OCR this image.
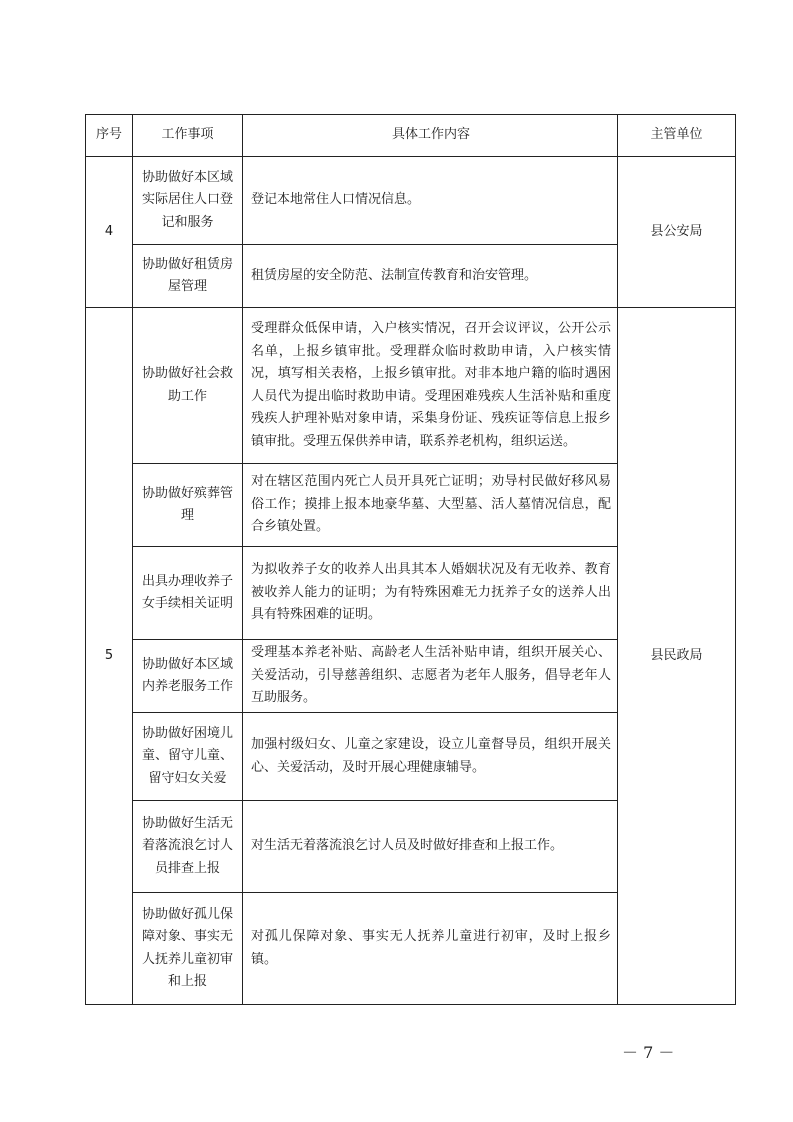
序号	工作事项	具体工作内容	主管单位
4	协助做好本区域实际居住人口登记和服务	登记本地常住人口情况信息。	县公安局
	协助做好租赁房屋管理	租赁房屋的安全防范、法制宣传教育和治安管理。	
5	协助做好社会救助工作	受理群众低保申请，入户核实情况，召开会议评议，公开公示名单，上报乡镇审批。受理群众临时救助申请，入户核实情况，填写相关表格，上报乡镇审批。对非本地户籍的临时遇困人员代为提出临时救助申请。受理困难残疾人生活补贴和重度残疾人护理补贴对象申请，采集身份证、残疾证等信息上报乡镇审批。受理五保供养申请，联系养老机构，组织运送。	县民政局
	协助做好殡葬管理	对在辖区范围内死亡人员开具死亡证明；劝导村民做好移风易俗工作；摸排上报本地豪华墓、大型墓、活人墓情况信息，配合乡镇处置。	
	出具办理收养子女手续相关证明	为拟收养子女的收养人出具其本人婚姻状况及有无收养、教育被收养人能力的证明；为有特殊困难无力抚养子女的送养人出具有特殊困难的证明。	
	协助做好本区域内养老服务工作	受理基本养老补贴、高龄老人生活补贴申请，组织开展关心、关爱活动，引导慈善组织、志愿者为老年人服务，倡导老年人互助服务。	
	协助做好困境儿童、留守儿童、留守妇女关爱	加强村级妇女、儿童之家建设，设立儿童督导员，组织开展关心、关爱活动，及时开展心理健康辅导。	
	协助做好生活无着落流浪乞讨人员排查上报	对生活无着落流浪乞讨人员及时做好排查和上报工作。	
	协助做好孤儿保障对象、事实无人抚养儿童初审和上报	对孤儿保障对象、事实无人抚养儿童进行初审，及时上报乡镇。	
－ 7 －
